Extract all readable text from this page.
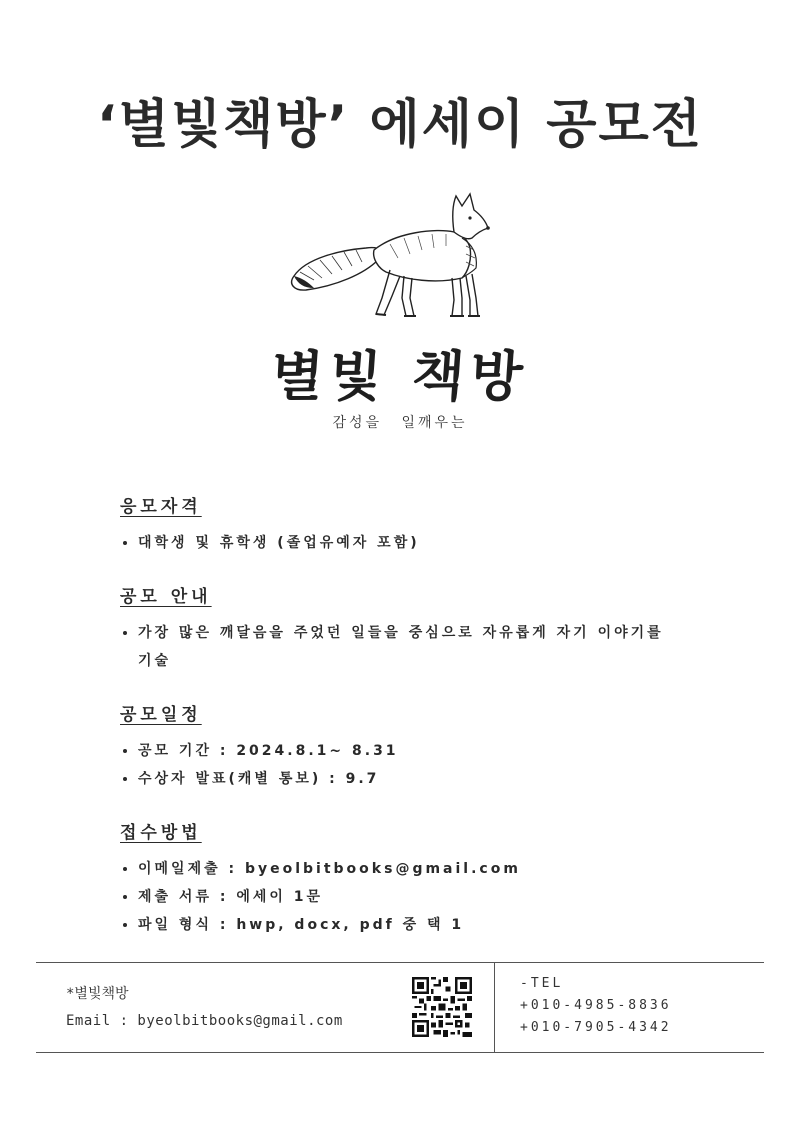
‘별빛책방’ 에세이 공모전
별빛 책방
감성을 일깨우는
응모자격
대학생 및 휴학생 (졸업유예자 포함)
공모 안내
가장 많은 깨달음을 주었던 일들을 중심으로 자유롭게 자기 이야기를 기술
공모일정
공모 기간 : 2024.8.1~ 8.31
수상자 발표(캐별 통보) : 9.7
접수방법
이메일제출 : byeolbitbooks@gmail.com
제출 서류 : 에세이 1문
파일 형식 : hwp, docx, pdf 중 택 1
*별빛책방
Email : byeolbitbooks@gmail.com
-TEL
+010-4985-8836
+010-7905-4342
